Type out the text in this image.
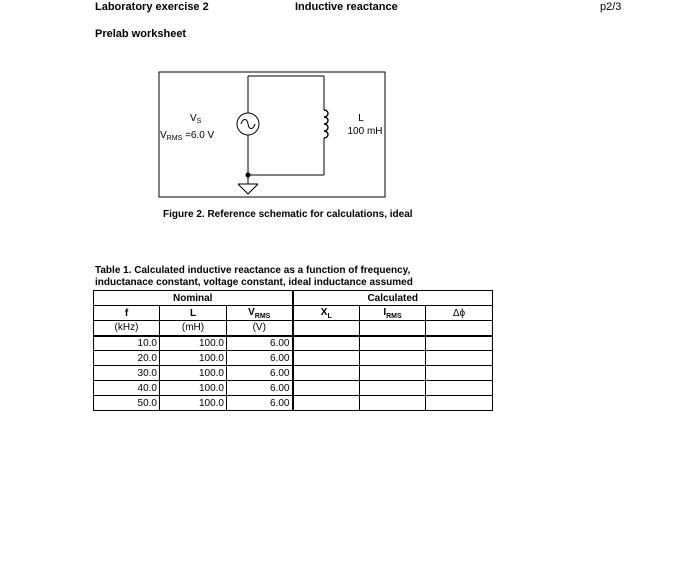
Laboratory exercise 2	Inductive reactance	p2/3
Prelab worksheet
$V_S$
$V_{RMS} =6.0$ V
L
100 mH
Figure 2. Reference schematic for calculations, ideal
Table 1. Calculated inductive reactance as a function of frequency,
inductanace constant, voltage constant, ideal inductance assumed
Nominal			Calculated		
f	L	$V_{RMS}$	$X_L$	$I_{RMS}$	Δϕ
(kHz)	(mH)	(V)			
10.0	100.0	6.00			
20.0	100.0	6.00			
30.0	100.0	6.00			
40.0	100.0	6.00			
50.0	100.0	6.00			
